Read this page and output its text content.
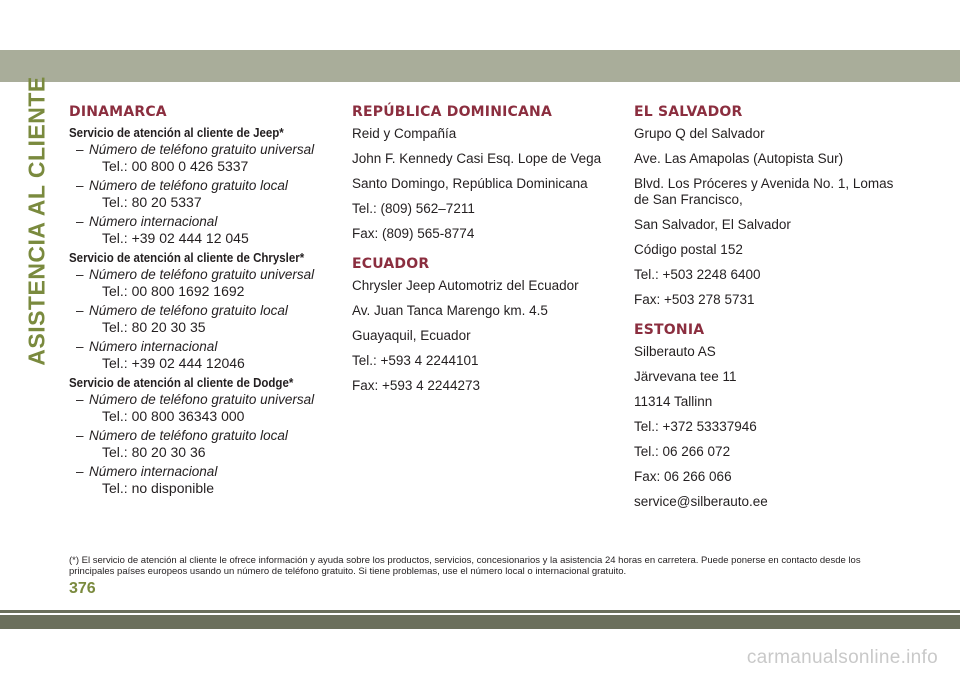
ASISTENCIA AL CLIENTE DINAMARCA
Servicio de atención al cliente de Jeep*
– Número de teléfono gratuito universal
Tel.: 00 800 0 426 5337
– Número de teléfono gratuito local
Tel.: 80 20 5337
– Número internacional
Tel.: +39 02 444 12 045
Servicio de atención al cliente de Chrysler*
– Número de teléfono gratuito universal
Tel.: 00 800 1692 1692
– Número de teléfono gratuito local
Tel.: 80 20 30 35
– Número internacional
Tel.: +39 02 444 12046
Servicio de atención al cliente de Dodge*
– Número de teléfono gratuito universal
Tel.: 00 800 36343 000
– Número de teléfono gratuito local
Tel.: 80 20 30 36
– Número internacional
Tel.: no disponible
REPÚBLICA DOMINICANA
Reid y Compañía
John F. Kennedy Casi Esq. Lope de Vega
Santo Domingo, República Dominicana
Tel.: (809) 562–7211
Fax: (809) 565-8774
ECUADOR
Chrysler Jeep Automotriz del Ecuador
Av. Juan Tanca Marengo km. 4.5
Guayaquil, Ecuador
Tel.: +593 4 2244101
Fax: +593 4 2244273
EL SALVADOR
Grupo Q del Salvador
Ave. Las Amapolas (Autopista Sur)
Blvd. Los Próceres y Avenida No. 1, Lomas de San Francisco,
San Salvador, El Salvador
Código postal 152
Tel.: +503 2248 6400
Fax: +503 278 5731
ESTONIA
Silberauto AS
Järvevana tee 11
11314 Tallinn
Tel.: +372 53337946
Tel.: 06 266 072
Fax: 06 266 066
service@silberauto.ee
(*) El servicio de atención al cliente le ofrece información y ayuda sobre los productos, servicios, concesionarios y la asistencia 24 horas en carretera. Puede ponerse en contacto desde los principales países europeos usando un número de teléfono gratuito. Si tiene problemas, use el número local o internacional gratuito.
376
carmanualsonline.info
